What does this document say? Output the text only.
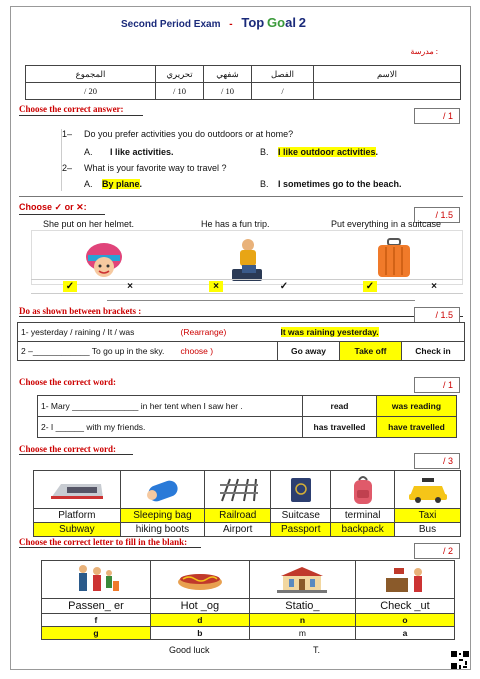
Second Period Exam - Top Goal 2
مدرسة :
المجموع	تحريري	شفهي	الفصل	الاسم
/ 20	/ 10	/ 10	/	
Choose the correct answer:
/ 1
1– Do you prefer activities you do outdoors or at home?
A. I like activities.	B. I like outdoor activities.
2– What is your favorite way to travel ?
A. By plane.	B. I sometimes go to the beach.
Choose ✓ or ✕:
/ 1.5
She put on her helmet.	He has a fun trip.	Put everything in a suitcase
✓	×	×	✓	✓	×
Do as shown between brackets :	/ 1.5
1- yesterday / raining / It / was	(Rearrange)	It was raining yesterday.		
2 –____________ To go up in the sky.	choose )	Go away	Take off	Check in
Choose the correct word:	/ 1
1- Mary ______________ in her tent when I saw her .	read	was reading
2- I ______ with my friends.	has travelled	have travelled
Choose the correct word:
/ 3

Platform	Sleeping bag	Railroad	Suitcase	terminal	Taxi
Subway	hiking boots	Airport	Passport	backpack	Bus
Choose the correct letter to fill in the blank:
/ 2

Passen_ er	Hot _og	Statio_	Check _ut
f	d	n	o
g	b	m	a
Good luck	T.
